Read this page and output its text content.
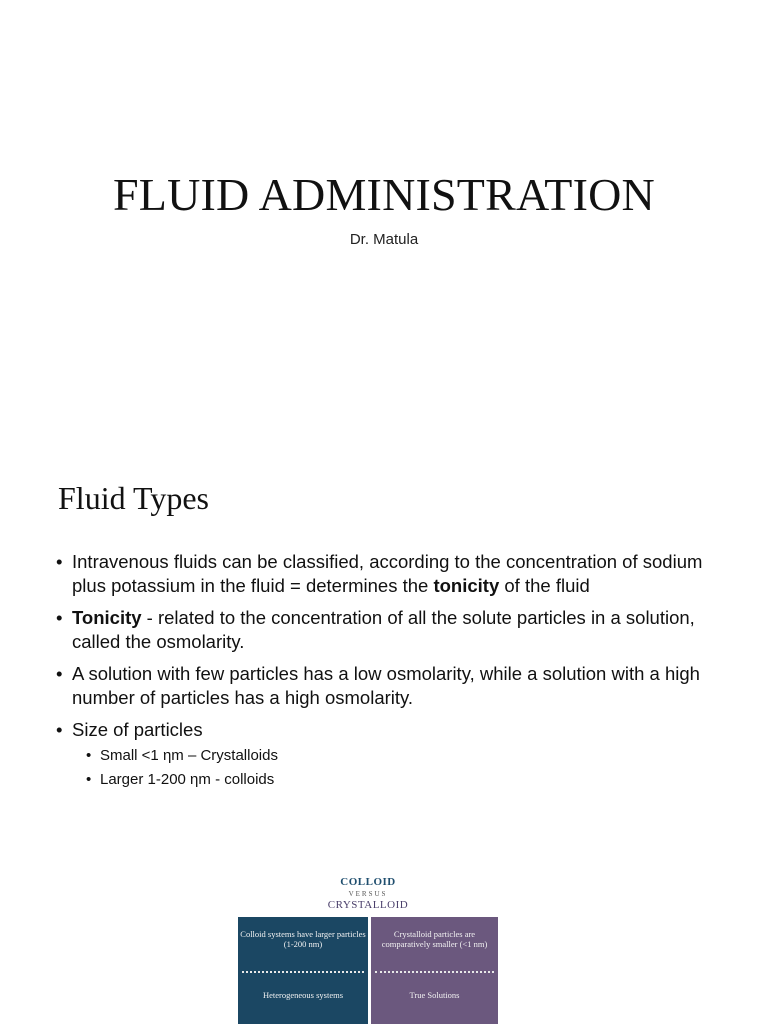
FLUID ADMINISTRATION
Dr. Matula
Fluid Types
• Intravenous fluids can be classified, according to the concentration of sodium plus potassium in the fluid = determines the tonicity of the fluid
• Tonicity - related to the concentration of all the solute particles in a solution, called the osmolarity.
• A solution with few particles has a low osmolarity, while a solution with a high number of particles has a high osmolarity.
• Size of particles
• Small <1 ηm – Crystalloids
• Larger 1-200 ηm - colloids
COLLOID
VERSUS
CRYSTALLOID
Colloid systems have larger particles (1-200 nm)
Heterogeneous systems
Crystalloid particles are comparatively smaller (<1 nm)
True Solutions
